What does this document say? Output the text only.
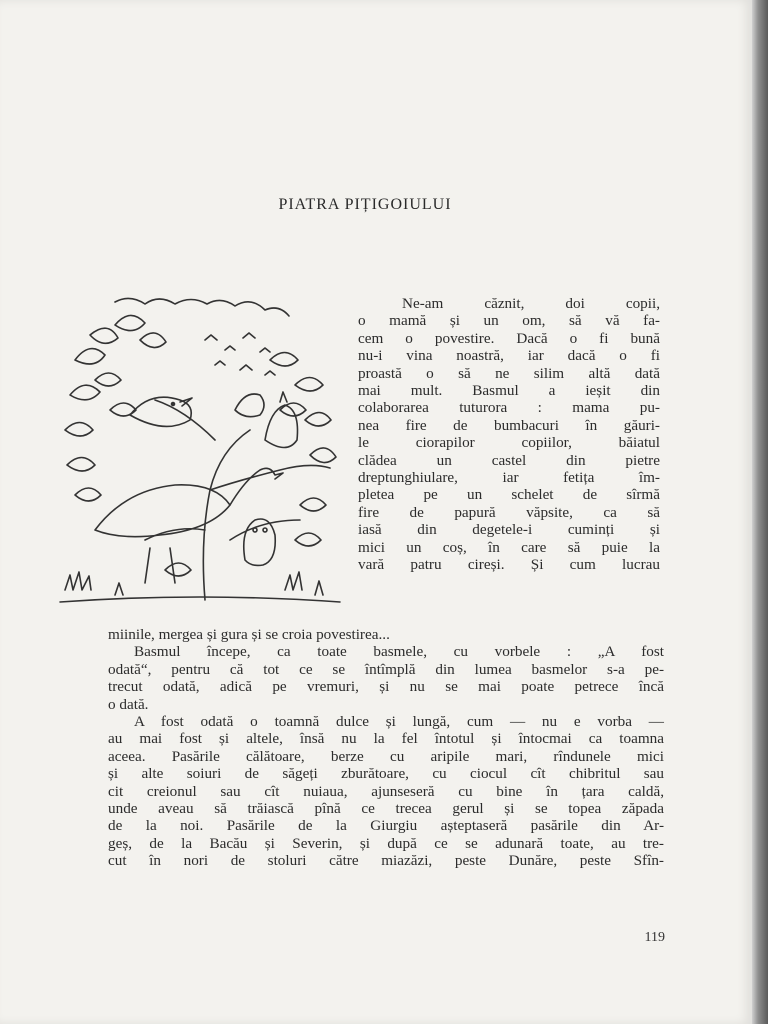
PIATRA PIȚIGOIULUI
Ne-am căznit, doi copii,
o mamă și un om, să vă fa-
cem o povestire. Dacă o fi bună
nu-i vina noastră, iar dacă o fi
proastă o să ne silim altă dată
mai mult. Basmul a ieșit din
colaborarea tuturora : mama pu-
nea fire de bumbacuri în găuri-
le ciorapilor copiilor, băiatul
clădea un castel din pietre
dreptunghiulare, iar fetița îm-
pletea pe un schelet de sîrmă
fire de papură văpsite, ca să
iasă din degetele-i cuminți și
mici un coș, în care să puie la
vară patru cireși. Și cum lucrau
miinile, mergea și gura și se croia povestirea...
Basmul începe, ca toate basmele, cu vorbele : „A fost
odată“, pentru că tot ce se întîmplă din lumea basmelor s-a pe-
trecut odată, adică pe vremuri, și nu se mai poate petrece încă
o dată.
A fost odată o toamnă dulce și lungă, cum — nu e vorba —
au mai fost și altele, însă nu la fel întotul și întocmai ca toamna
aceea. Pasările călătoare, berze cu aripile mari, rîndunele mici
și alte soiuri de săgeți zburătoare, cu ciocul cît chibritul sau
cit creionul sau cît nuiaua, ajunseseră cu bine în țara caldă,
unde aveau să trăiască pînă ce trecea gerul și se topea zăpada
de la noi. Pasările de la Giurgiu așteptaseră pasările din Ar-
geș, de la Bacău și Severin, și după ce se adunară toate, au tre-
cut în nori de stoluri către miazăzi, peste Dunăre, peste Sfîn-
119
